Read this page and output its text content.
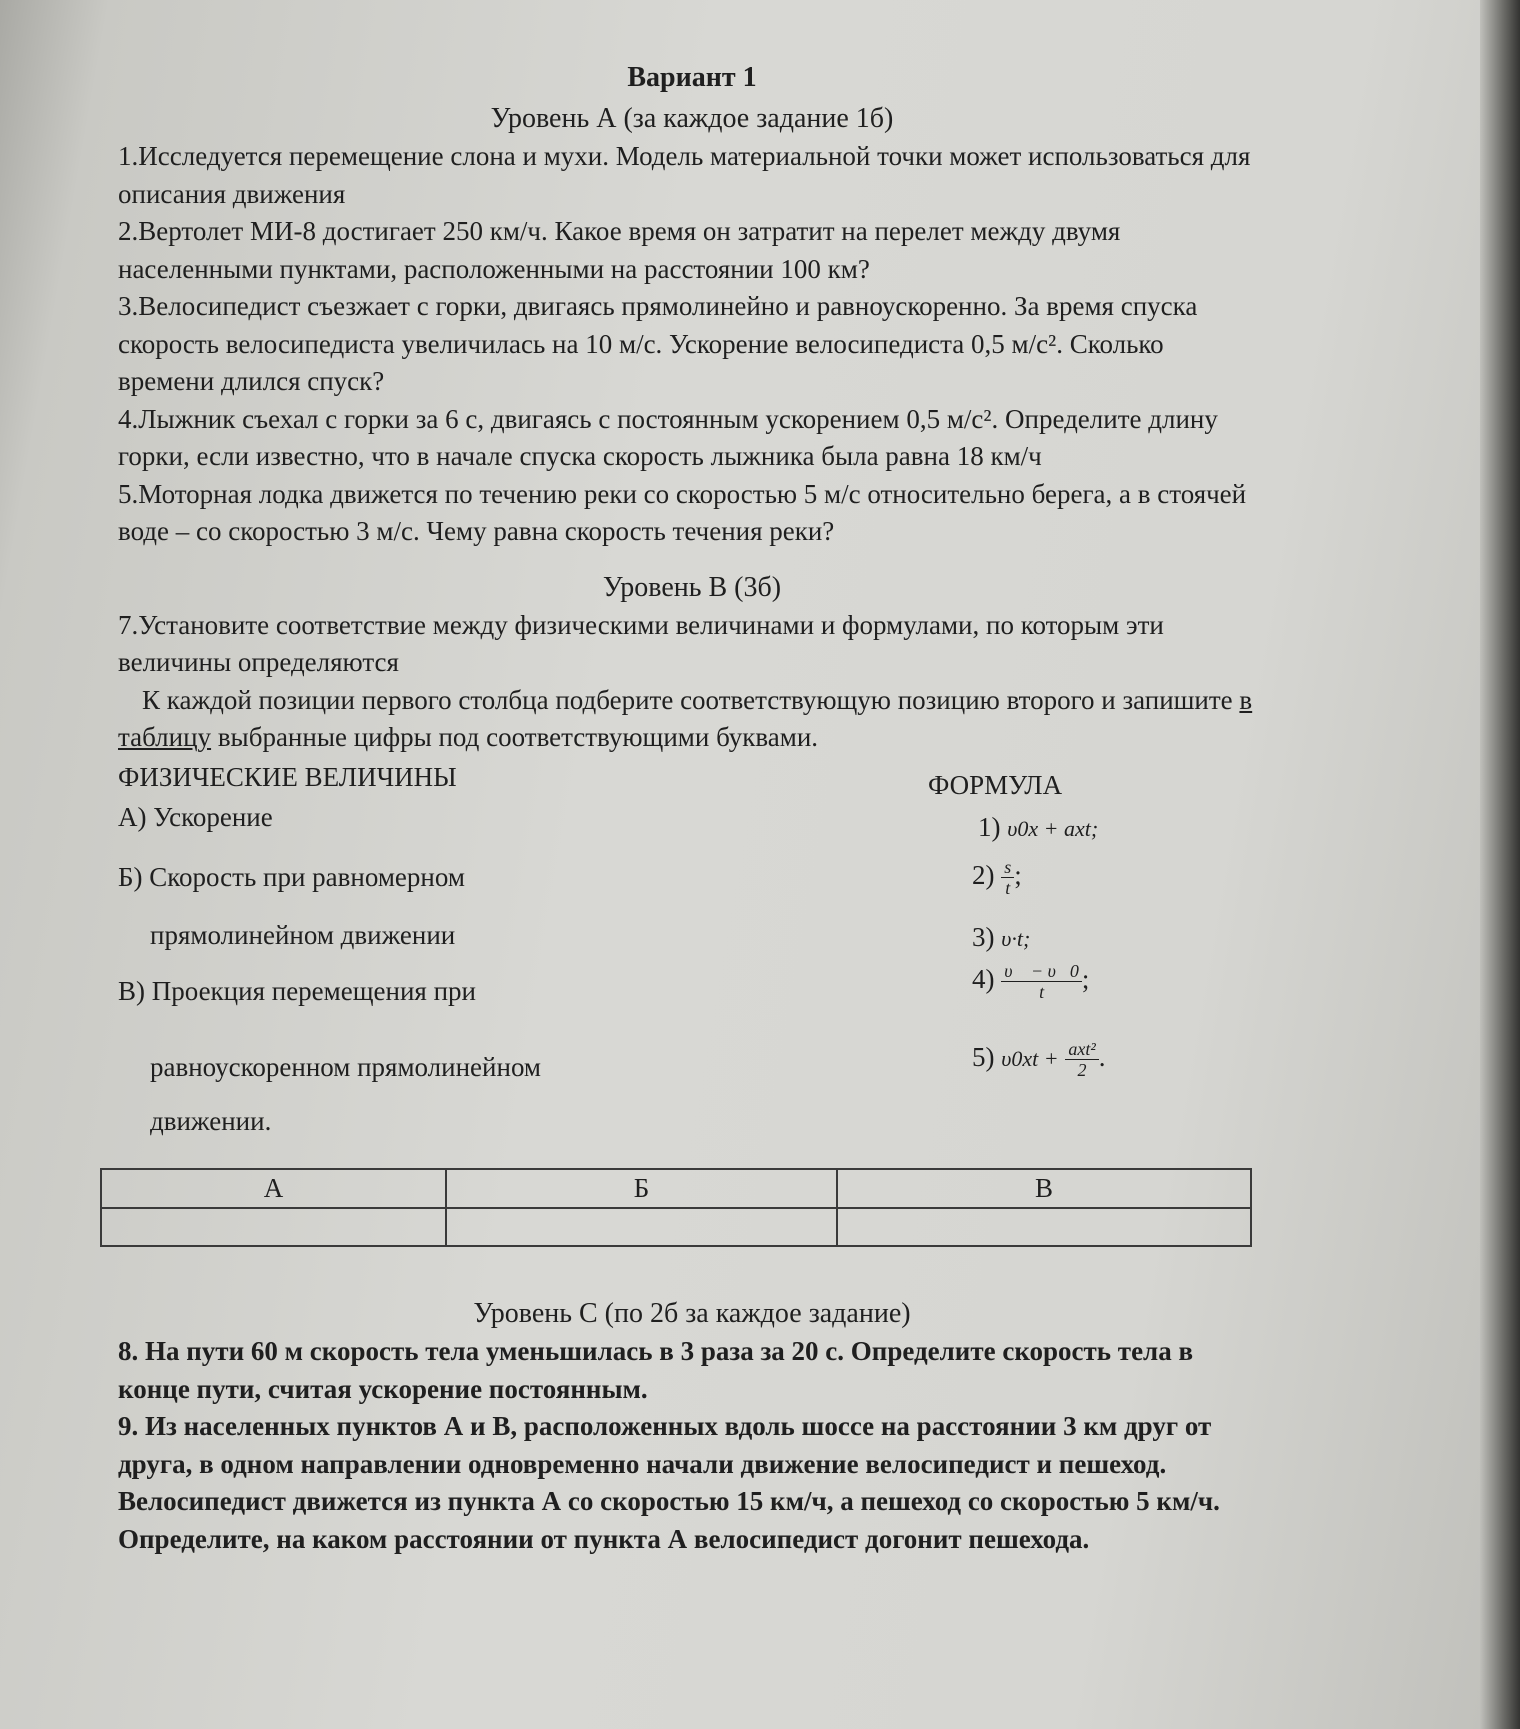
Вариант 1
Уровень А (за каждое задание 1б)

1.Исследуется перемещение слона и мухи. Модель материальной точки может использоваться для описания движения

2.Вертолет МИ-8 достигает 250 км/ч. Какое время он затратит на перелет между двумя населенными пунктами, расположенными на расстоянии 100 км?

3.Велосипедист съезжает с горки, двигаясь прямолинейно и равноускоренно. За время спуска скорость велосипедиста увеличилась на 10 м/с. Ускорение велосипедиста 0,5 м/с². Сколько времени длился спуск?

4.Лыжник съехал с горки за 6 с, двигаясь с постоянным ускорением 0,5 м/с². Определите длину горки, если известно, что в начале спуска скорость лыжника была равна 18 км/ч

5.Моторная лодка движется по течению реки со скоростью 5 м/с относительно берега, а в стоячей воде – со скоростью 3 м/с. Чему равна скорость течения реки?

Уровень В (3б)

7.Установите соответствие между физическими величинами и формулами, по которым эти величины определяются

К каждой позиции первого столбца подберите соответствующую позицию второго и запишите в таблицу выбранные цифры под соответствующими буквами.

ФИЗИЧЕСКИЕ ВЕЛИЧИНЫ
А) Ускорение
Б) Скорость при равномерном
прямолинейном движении
В) Проекция перемещения при
равноускоренном прямолинейном
движении.
ФОРМУЛА
1) υ0x + axt;
$2) \frac{s}{t}$ ;
3) υ·t;
$4) \frac{\upsilon⃗ - \upsilon⃗0}{t}$ ;
5) $\upsilon 0xt + \frac{\text{axt²}}{2}$ .
А	Б	В

Уровень С (по 2б за каждое задание)

8. На пути 60 м скорость тела уменьшилась в 3 раза за 20 с. Определите скорость тела в конце пути, считая ускорение постоянным.

9. Из населенных пунктов А и В, расположенных вдоль шоссе на расстоянии 3 км друг от друга, в одном направлении одновременно начали движение велосипедист и пешеход. Велосипедист движется из пункта А со скоростью 15 км/ч, а пешеход со скоростью 5 км/ч. Определите, на каком расстоянии от пункта А велосипедист догонит пешехода.
